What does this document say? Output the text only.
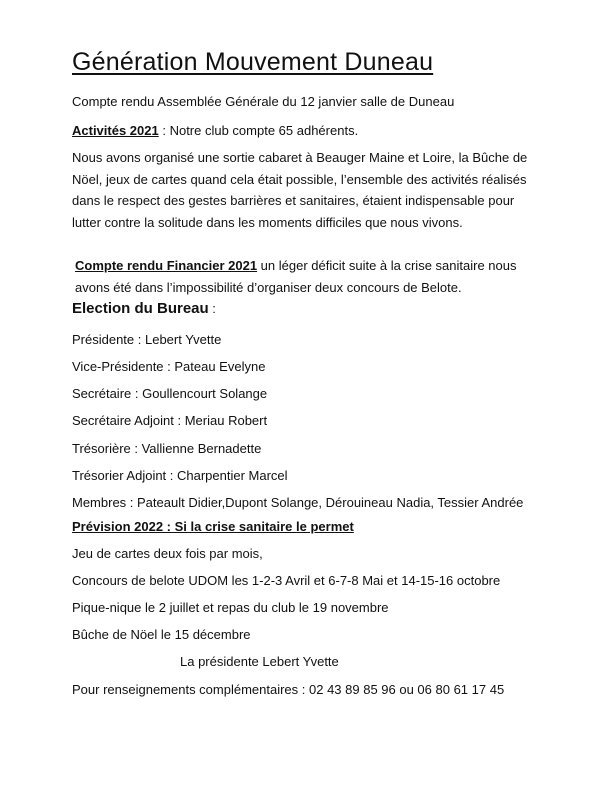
Génération Mouvement Duneau
Compte rendu Assemblée Générale du 12 janvier salle de Duneau
Activités 2021 : Notre club compte 65 adhérents.
Nous avons organisé une sortie cabaret à Beauger Maine et Loire, la Bûche de Nöel, jeux de cartes quand cela était possible, l’ensemble des activités réalisés dans le respect des gestes barrières et sanitaires, étaient indispensable pour lutter contre la solitude dans les moments difficiles que nous vivons.
Compte rendu Financier 2021 un léger déficit suite à la crise sanitaire nous avons été dans l’impossibilité d’organiser deux concours de Belote.
Election du Bureau :
Présidente : Lebert Yvette
Vice-Présidente : Pateau Evelyne
Secrétaire : Goullencourt Solange
Secrétaire Adjoint : Meriau Robert
Trésorière : Vallienne Bernadette
Trésorier Adjoint : Charpentier Marcel
Membres : Pateault Didier,Dupont Solange, Dérouineau Nadia, Tessier Andrée
Prévision 2022 : Si la crise sanitaire le permet
Jeu de cartes deux fois par mois,
Concours de belote UDOM les 1-2-3 Avril et 6-7-8 Mai et 14-15-16 octobre
Pique-nique le 2 juillet et repas du club le 19 novembre
Bûche de Nöel le 15 décembre
La présidente Lebert Yvette
Pour renseignements complémentaires : 02 43 89 85 96 ou 06 80 61 17 45
